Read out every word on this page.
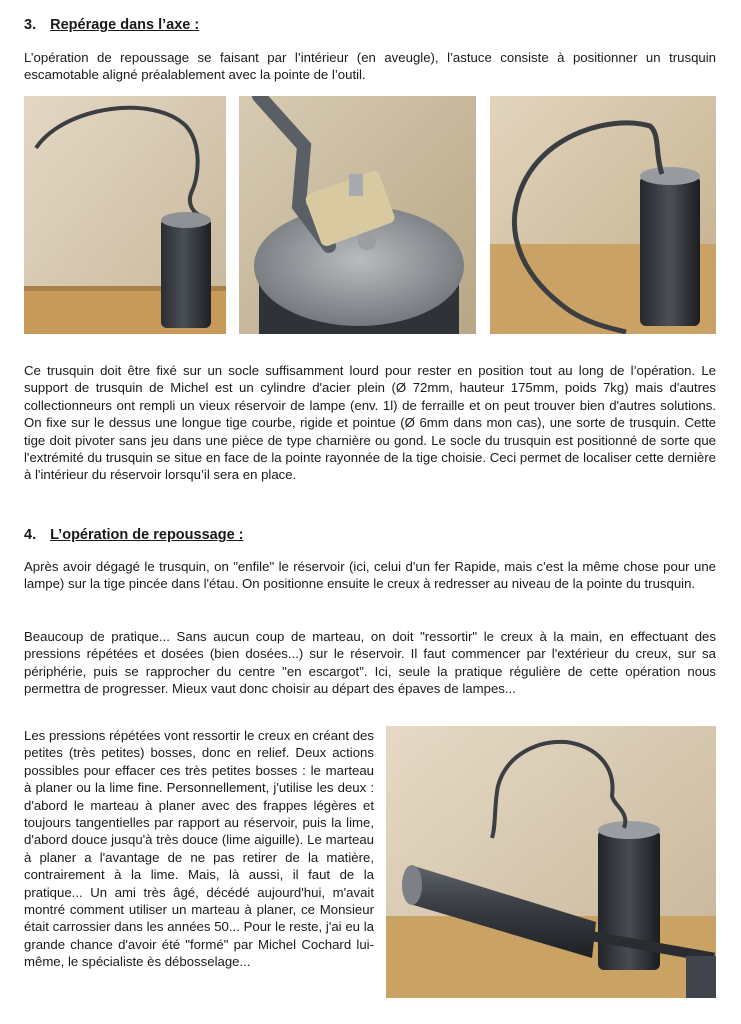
3. Repérage dans l’axe :

L’opération de repoussage se faisant par l’intérieur (en aveugle), l’astuce consiste à positionner un trusquin escamotable aligné préalablement avec la pointe de l’outil.

Ce trusquin doit être fixé sur un socle suffisamment lourd pour rester en position tout au long de l’opération. Le support de trusquin de Michel est un cylindre d'acier plein (Ø 72mm, hauteur 175mm, poids 7kg) mais d'autres collectionneurs ont rempli un vieux réservoir de lampe (env. 1l) de ferraille et on peut trouver bien d'autres solutions. On fixe sur le dessus une longue tige courbe, rigide et pointue (Ø 6mm dans mon cas), une sorte de trusquin. Cette tige doit pivoter sans jeu dans une pièce de type charnière ou gond. Le socle du trusquin est positionné de sorte que l'extrémité du trusquin se situe en face de la pointe rayonnée de la tige choisie. Ceci permet de localiser cette dernière à l'intérieur du réservoir lorsqu’il sera en place.

4. L’opération de repoussage :

Après avoir dégagé le trusquin, on "enfile" le réservoir (ici, celui d'un fer Rapide, mais c'est la même chose pour une lampe) sur la tige pincée dans l'étau. On positionne ensuite le creux à redresser au niveau de la pointe du trusquin.

Beaucoup de pratique... Sans aucun coup de marteau, on doit "ressortir" le creux à la main, en effectuant des pressions répétées et dosées (bien dosées...) sur le réservoir. Il faut commencer par l'extérieur du creux, sur sa périphérie, puis se rapprocher du centre "en escargot". Ici, seule la pratique régulière de cette opération nous permettra de progresser. Mieux vaut donc choisir au départ des épaves de lampes...

Les pressions répétées vont ressortir le creux en créant des petites (très petites) bosses, donc en relief. Deux actions possibles pour effacer ces très petites bosses : le marteau à planer ou la lime fine. Personnellement, j'utilise les deux : d'abord le marteau à planer avec des frappes légères et toujours tangentielles par rapport au réservoir, puis la lime, d'abord douce jusqu'à très douce (lime aiguille). Le marteau à planer a l'avantage de ne pas retirer de la matière, contrairement à la lime. Mais, là aussi, il faut de la pratique... Un ami très âgé, décédé aujourd'hui, m'avait montré comment utiliser un marteau à planer, ce Monsieur était carrossier dans les années 50... Pour le reste, j'ai eu la grande chance d'avoir été "formé" par Michel Cochard lui-même, le spécialiste ès débosselage...
